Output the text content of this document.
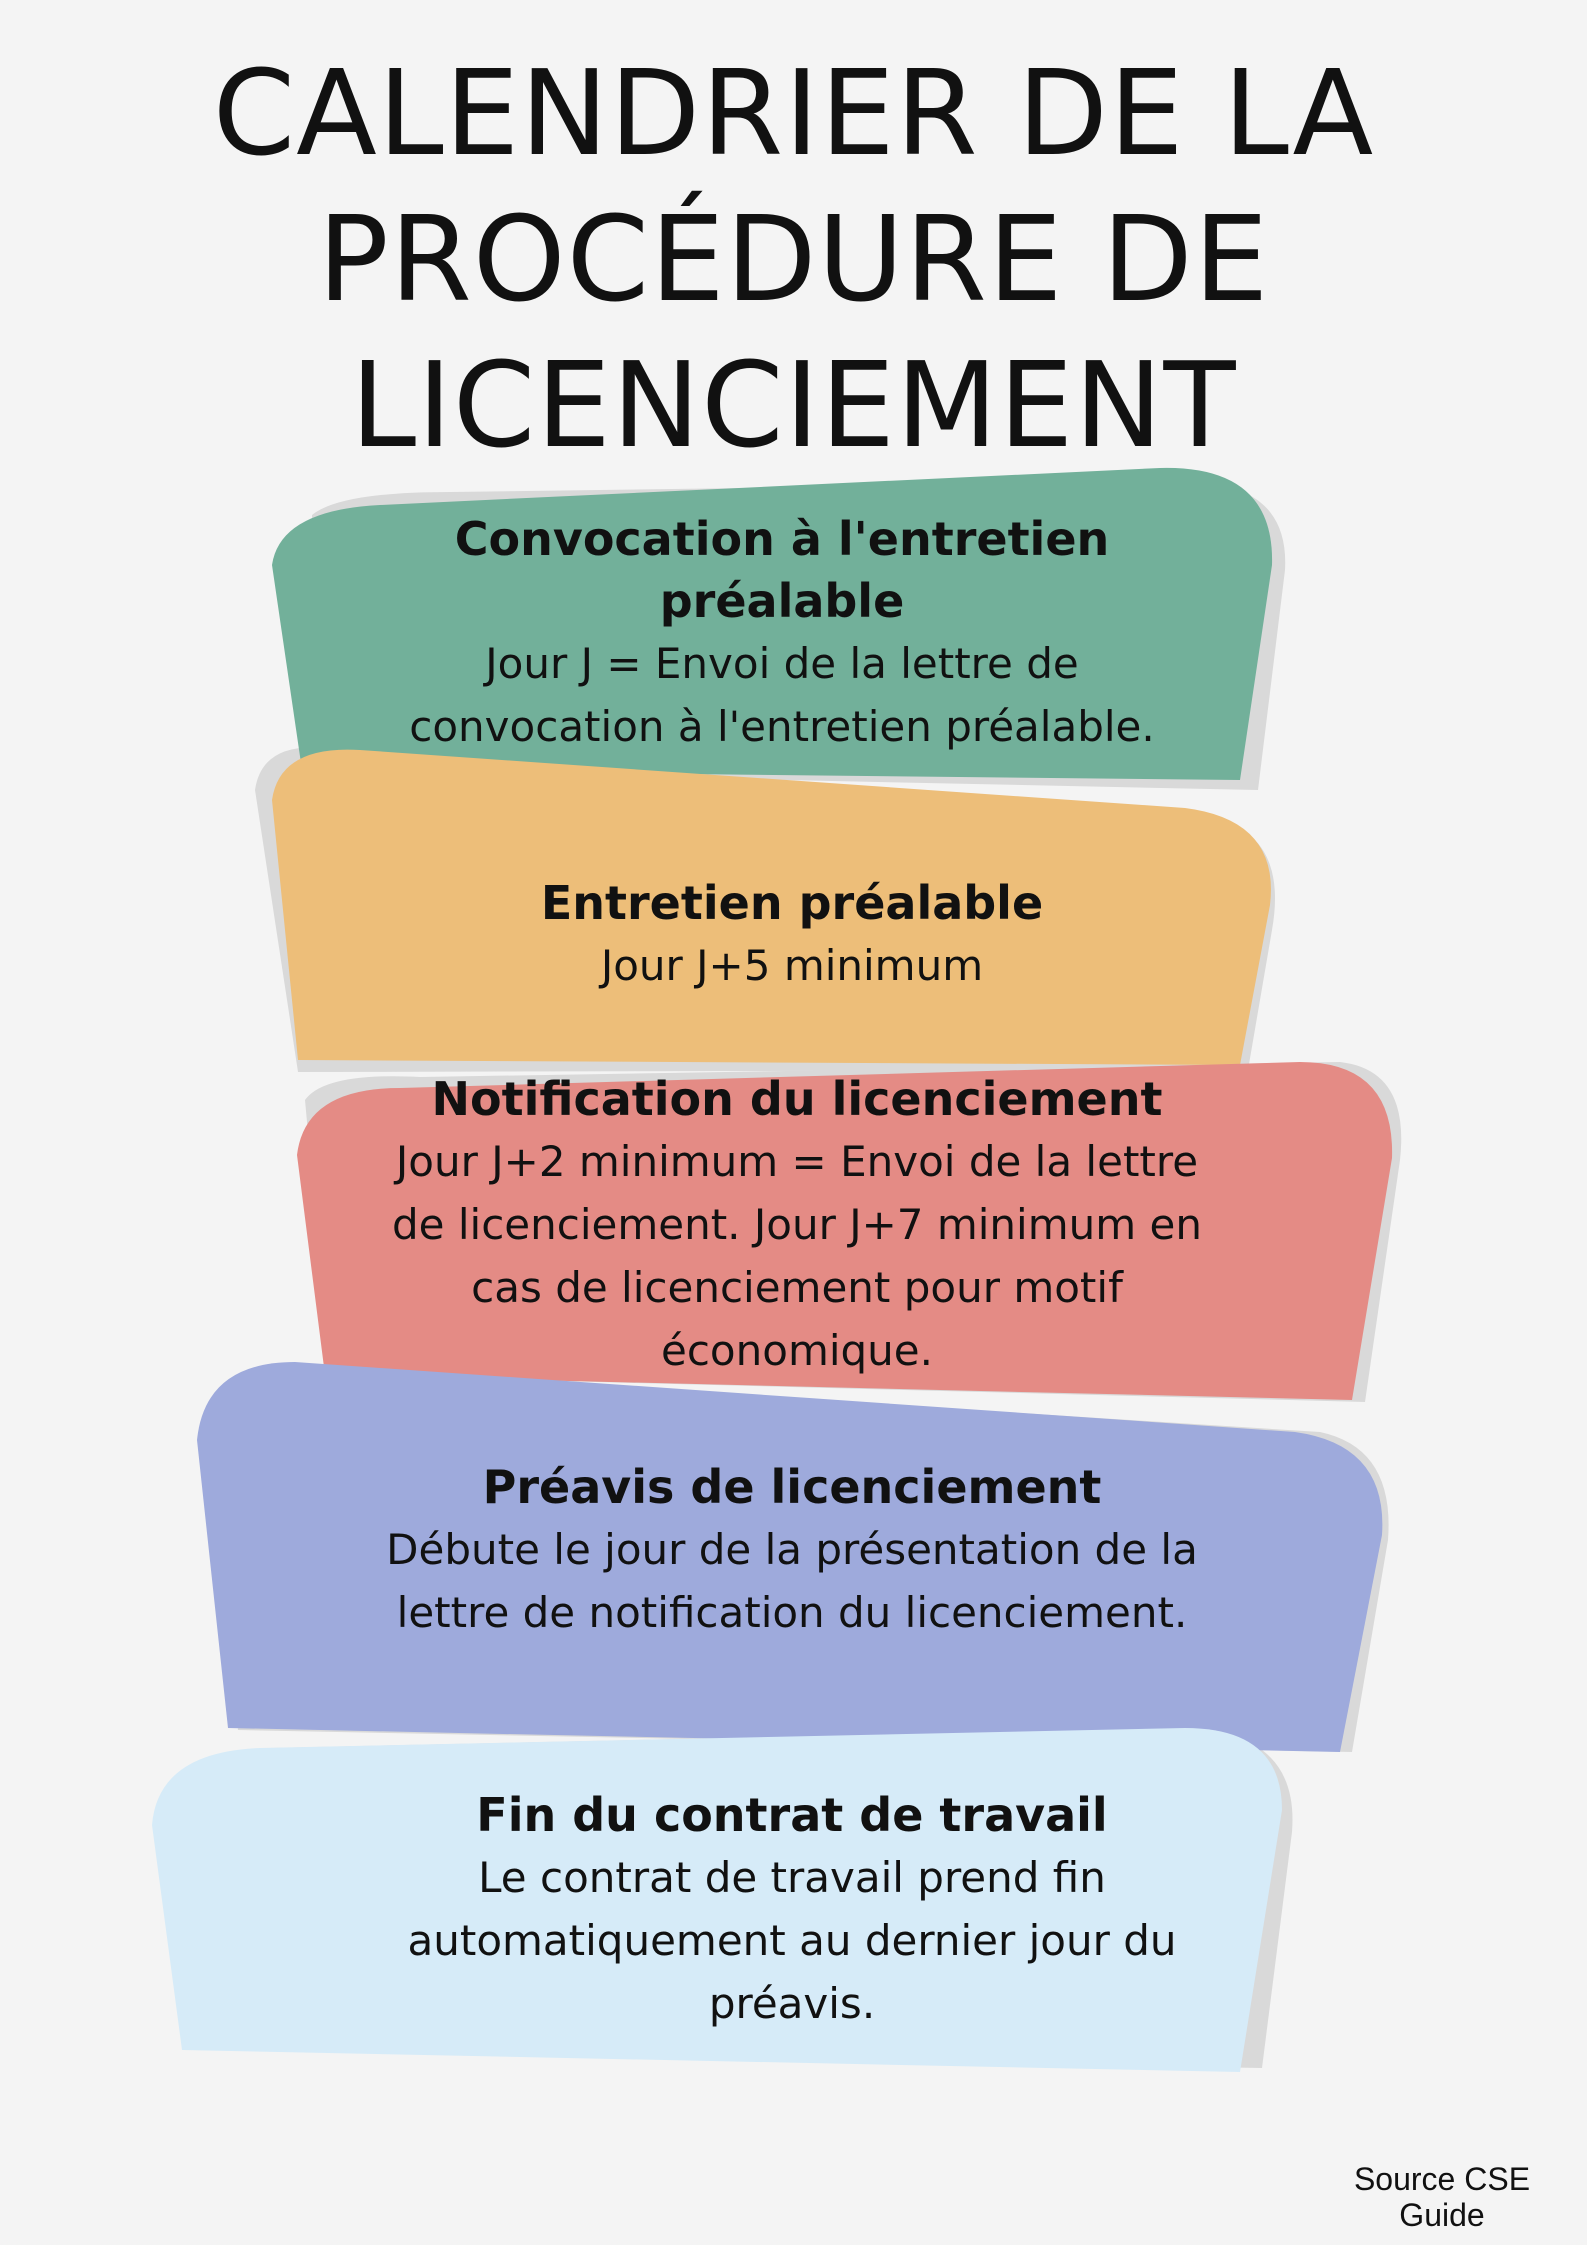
CALENDRIER DE LA
PROCÉDURE DE
LICENCIEMENT
Convocation à l'entretien préalable
Jour J = Envoi de la lettre de convocation à l'entretien préalable.
Entretien préalable
Jour J+5 minimum
Notification du licenciement
Jour J+2 minimum = Envoi de la lettre de licenciement. Jour J+7 minimum en cas de licenciement pour motif économique.
Préavis de licenciement
Débute le jour de la présentation de la lettre de notification du licenciement.
Fin du contrat de travail
Le contrat de travail prend fin automatiquement au dernier jour du préavis.
Source CSE Guide
